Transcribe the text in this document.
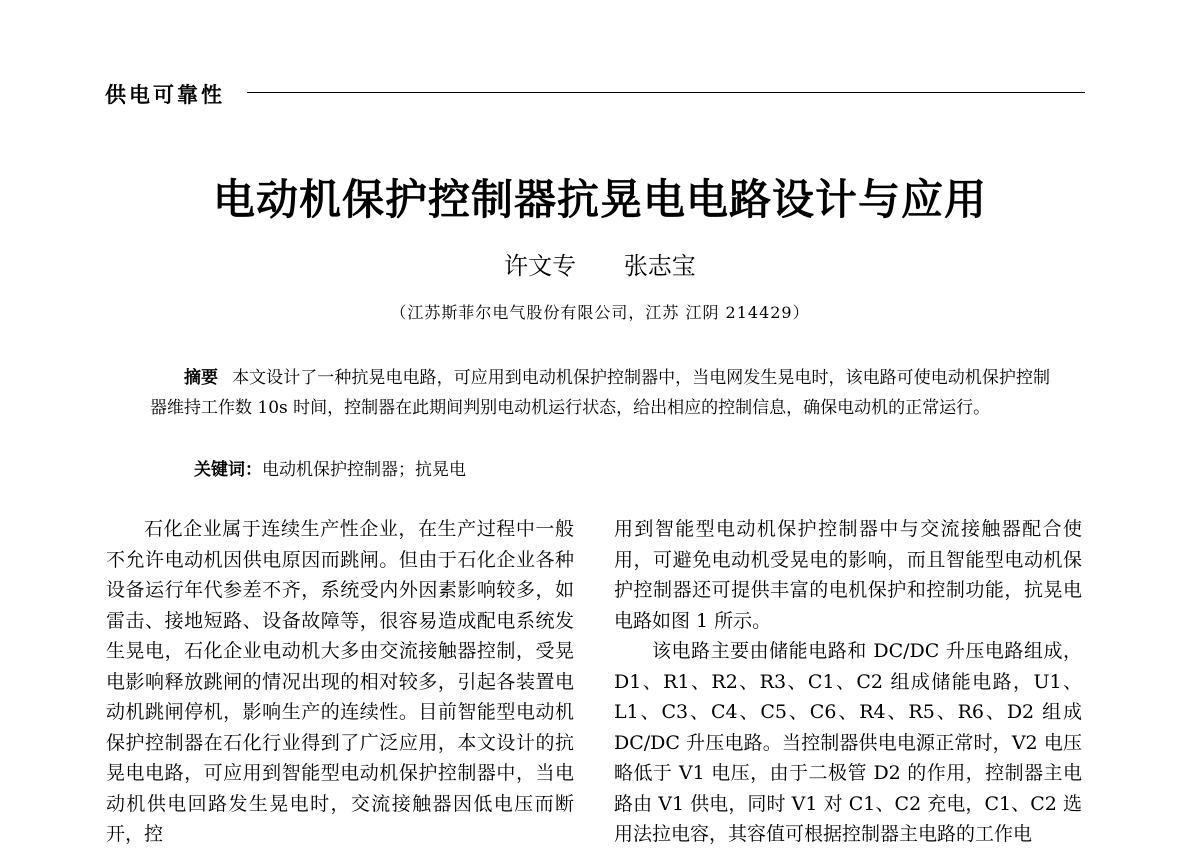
供电可靠性
电动机保护控制器抗晃电电路设计与应用
许文专 张志宝
（江苏斯菲尔电气股份有限公司，江苏 江阴 214429）

摘要 本文设计了一种抗晃电电路，可应用到电动机保护控制器中，当电网发生晃电时，该电路可使电动机保护控制器维持工作数 10s 时间，控制器在此期间判别电动机运行状态，给出相应的控制信息，确保电动机的正常运行。

关键词：电动机保护控制器；抗晃电

石化企业属于连续生产性企业，在生产过程中一般不允许电动机因供电原因而跳闸。但由于石化企业各种设备运行年代参差不齐，系统受内外因素影响较多，如雷击、接地短路、设备故障等，很容易造成配电系统发生晃电，石化企业电动机大多由交流接触器控制，受晃电影响释放跳闸的情况出现的相对较多，引起各装置电动机跳闸停机，影响生产的连续性。目前智能型电动机保护控制器在石化行业得到了广泛应用，本文设计的抗晃电电路，可应用到智能型电动机保护控制器中，当电动机供电回路发生晃电时，交流接触器因低电压而断开，控

用到智能型电动机保护控制器中与交流接触器配合使用，可避免电动机受晃电的影响，而且智能型电动机保护控制器还可提供丰富的电机保护和控制功能，抗晃电电路如图 1 所示。

该电路主要由储能电路和 DC/DC 升压电路组成，D1、R1、R2、R3、C1、C2 组成储能电路，U1、L1、C3、C4、C5、C6、R4、R5、R6、D2 组成 DC/DC 升压电路。当控制器供电电源正常时，V2 电压略低于 V1 电压，由于二极管 D2 的作用，控制器主电路由 V1 供电，同时 V1 对 C1、C2 充电，C1、C2 选用法拉电容，其容值可根据控制器主电路的工作电
